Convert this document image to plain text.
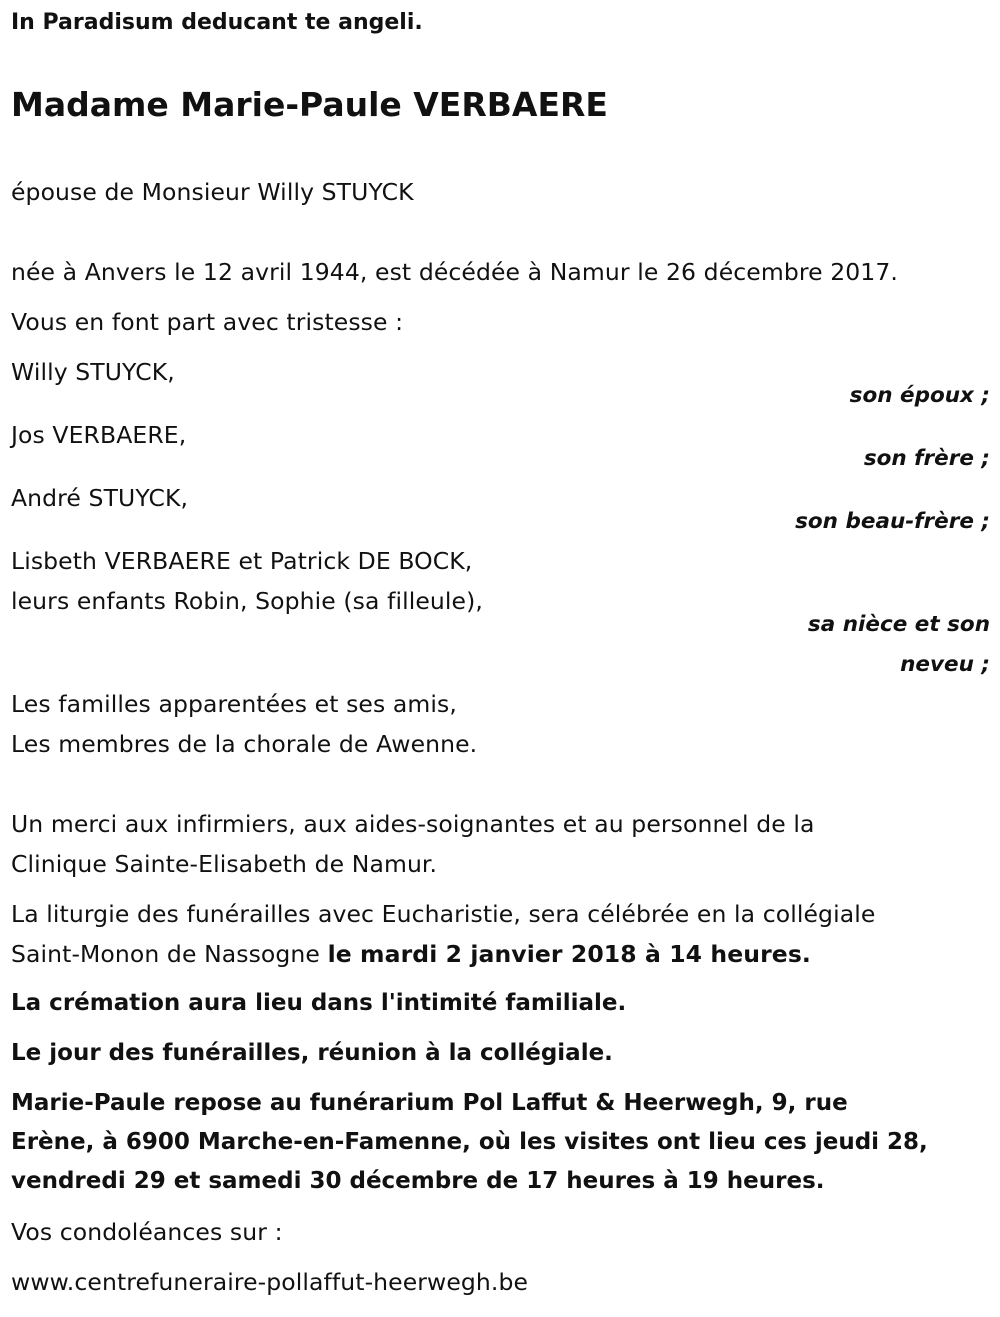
In Paradisum deducant te angeli.
Madame Marie-Paule VERBAERE
épouse de Monsieur Willy STUYCK
née à Anvers le 12 avril 1944, est décédée à Namur le 26 décembre 2017.
Vous en font part avec tristesse :
Willy STUYCK,
son époux ;
Jos VERBAERE,
son frère ;
André STUYCK,
son beau-frère ;
Lisbeth VERBAERE et Patrick DE BOCK,
leurs enfants Robin, Sophie (sa filleule),
sa nièce et son
neveu ;
Les familles apparentées et ses amis,
Les membres de la chorale de Awenne.
Un merci aux infirmiers, aux aides-soignantes et au personnel de la
Clinique Sainte-Elisabeth de Namur.
La liturgie des funérailles avec Eucharistie, sera célébrée en la collégiale
Saint-Monon de Nassogne le mardi 2 janvier 2018 à 14 heures.
La crémation aura lieu dans l'intimité familiale.
Le jour des funérailles, réunion à la collégiale.
Marie-Paule repose au funérarium Pol Laffut & Heerwegh, 9, rue
Erène, à 6900 Marche-en-Famenne, où les visites ont lieu ces jeudi 28,
vendredi 29 et samedi 30 décembre de 17 heures à 19 heures.
Vos condoléances sur :
www.centrefuneraire-pollaffut-heerwegh.be
